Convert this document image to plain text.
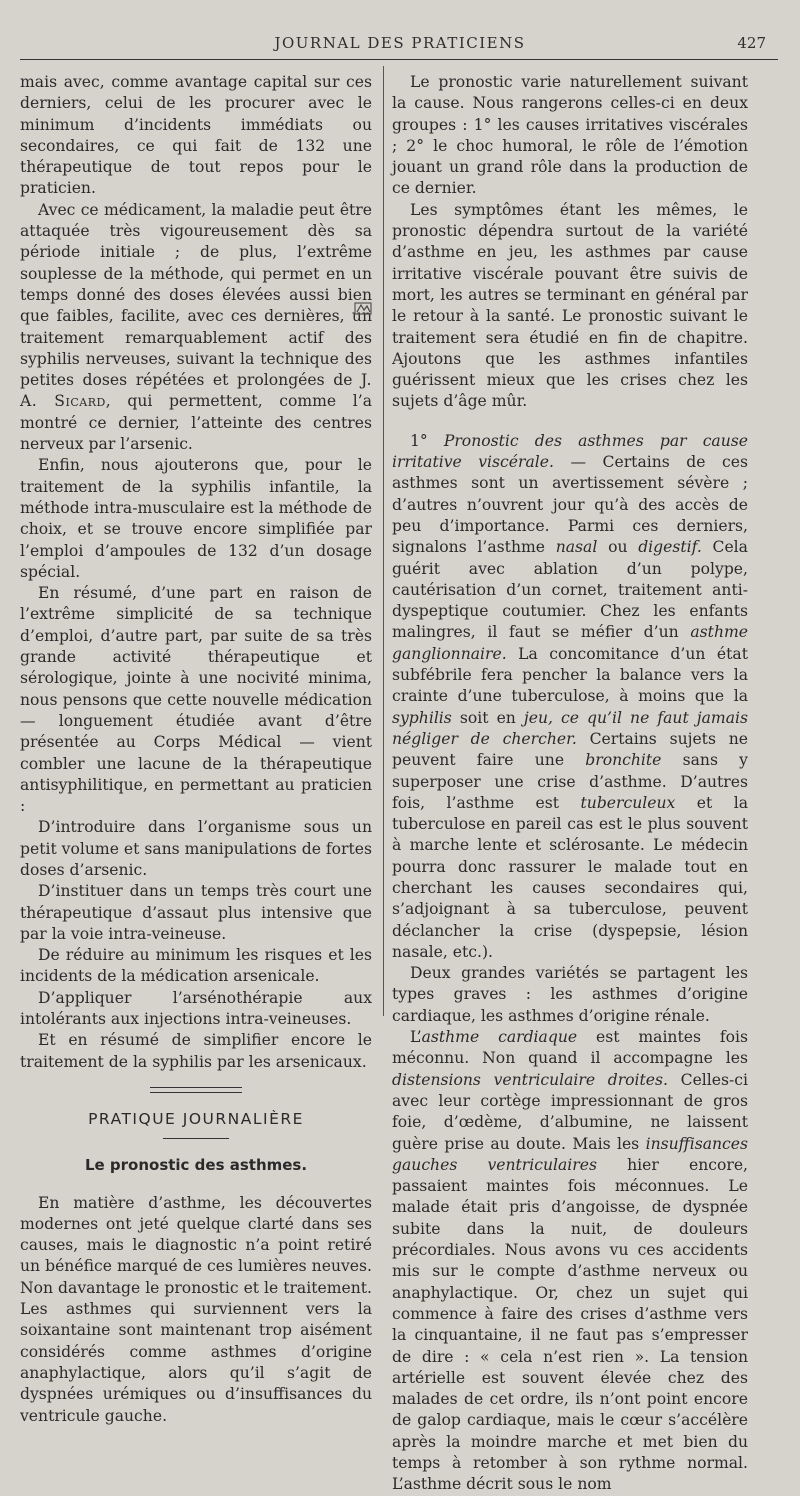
JOURNAL DES PRATICIENS	427

mais avec, comme avantage capital sur ces derniers, celui de les procurer avec le minimum d’incidents immédiats ou secondaires, ce qui fait de 132 une thérapeutique de tout repos pour le praticien.

Avec ce médicament, la maladie peut être attaquée très vigoureusement dès sa période initiale ; de plus, l’extrême souplesse de la méthode, qui permet en un temps donné des doses élevées aussi bien que faibles, facilite, avec ces dernières, un traitement remarquablement actif des syphilis nerveuses, suivant la technique des petites doses répétées et prolongées de J. A. Sicard, qui permettent, comme l’a montré ce dernier, l’atteinte des centres nerveux par l’arsenic.

Enfin, nous ajouterons que, pour le traitement de la syphilis infantile, la méthode intra-musculaire est la méthode de choix, et se trouve encore simplifiée par l’emploi d’ampoules de 132 d’un dosage spécial.

En résumé, d’une part en raison de l’extrême simplicité de sa technique d’emploi, d’autre part, par suite de sa très grande activité thérapeutique et sérologique, jointe à une nocivité minima, nous pensons que cette nouvelle médication — longuement étudiée avant d’être présentée au Corps Médical — vient combler une lacune de la thérapeutique antisyphilitique, en permettant au praticien :

D’introduire dans l’organisme sous un petit volume et sans manipulations de fortes doses d’arsenic.

D’instituer dans un temps très court une thérapeutique d’assaut plus intensive que par la voie intra-veineuse.

De réduire au minimum les risques et les incidents de la médication arsenicale.

D’appliquer l’arsénothérapie aux intolérants aux injections intra-veineuses.

Et en résumé de simplifier encore le traitement de la syphilis par les arsenicaux.

PRATIQUE JOURNALIÈRE
Le pronostic des asthmes.

En matière d’asthme, les découvertes modernes ont jeté quelque clarté dans ses causes, mais le diagnostic n’a point retiré un bénéfice marqué de ces lumières neuves. Non davantage le pronostic et le traitement. Les asthmes qui surviennent vers la soixantaine sont maintenant trop aisément considérés comme asthmes d’origine anaphylactique, alors qu’il s’agit de dyspnées urémiques ou d’insuffisances du ventricule gauche.

Le pronostic varie naturellement suivant la cause. Nous rangerons celles-ci en deux groupes : 1° les causes irritatives viscérales ; 2° le choc humoral, le rôle de l’émotion jouant un grand rôle dans la production de ce dernier.

Les symptômes étant les mêmes, le pronostic dépendra surtout de la variété d’asthme en jeu, les asthmes par cause irritative viscérale pouvant être suivis de mort, les autres se terminant en général par le retour à la santé. Le pronostic suivant le traitement sera étudié en fin de chapitre. Ajoutons que les asthmes infantiles guérissent mieux que les crises chez les sujets d’âge mûr.

1° Pronostic des asthmes par cause irritative viscérale. — Certains de ces asthmes sont un avertissement sévère ; d’autres n’ouvrent jour qu’à des accès de peu d’importance. Parmi ces derniers, signalons l’asthme nasal ou digestif. Cela guérit avec ablation d’un polype, cautérisation d’un cornet, traitement anti-dyspeptique coutumier. Chez les enfants malingres, il faut se méfier d’un asthme ganglionnaire. La concomitance d’un état subfébrile fera pencher la balance vers la crainte d’une tuberculose, à moins que la syphilis soit en jeu, ce qu’il ne faut jamais négliger de chercher. Certains sujets ne peuvent faire une bronchite sans y superposer une crise d’asthme. D’autres fois, l’asthme est tuberculeux et la tuberculose en pareil cas est le plus souvent à marche lente et sclérosante. Le médecin pourra donc rassurer le malade tout en cherchant les causes secondaires qui, s’adjoignant à sa tuberculose, peuvent déclancher la crise (dyspepsie, lésion nasale, etc.).

Deux grandes variétés se partagent les types graves : les asthmes d’origine cardiaque, les asthmes d’origine rénale.

L’asthme cardiaque est maintes fois méconnu. Non quand il accompagne les distensions ventriculaire droites. Celles-ci avec leur cortège impressionnant de gros foie, d’œdème, d’albumine, ne laissent guère prise au doute. Mais les insuffisances gauches ventriculaires hier encore, passaient maintes fois méconnues. Le malade était pris d’angoisse, de dyspnée subite dans la nuit, de douleurs précordiales. Nous avons vu ces accidents mis sur le compte d’asthme nerveux ou anaphylactique. Or, chez un sujet qui commence à faire des crises d’asthme vers la cinquantaine, il ne faut pas s’empresser de dire : « cela n’est rien ». La tension artérielle est souvent élevée chez des malades de cet ordre, ils n’ont point encore de galop cardiaque, mais le cœur s’accélère après la moindre marche et met bien du temps à retomber à son rythme normal. L’asthme décrit sous le nom
